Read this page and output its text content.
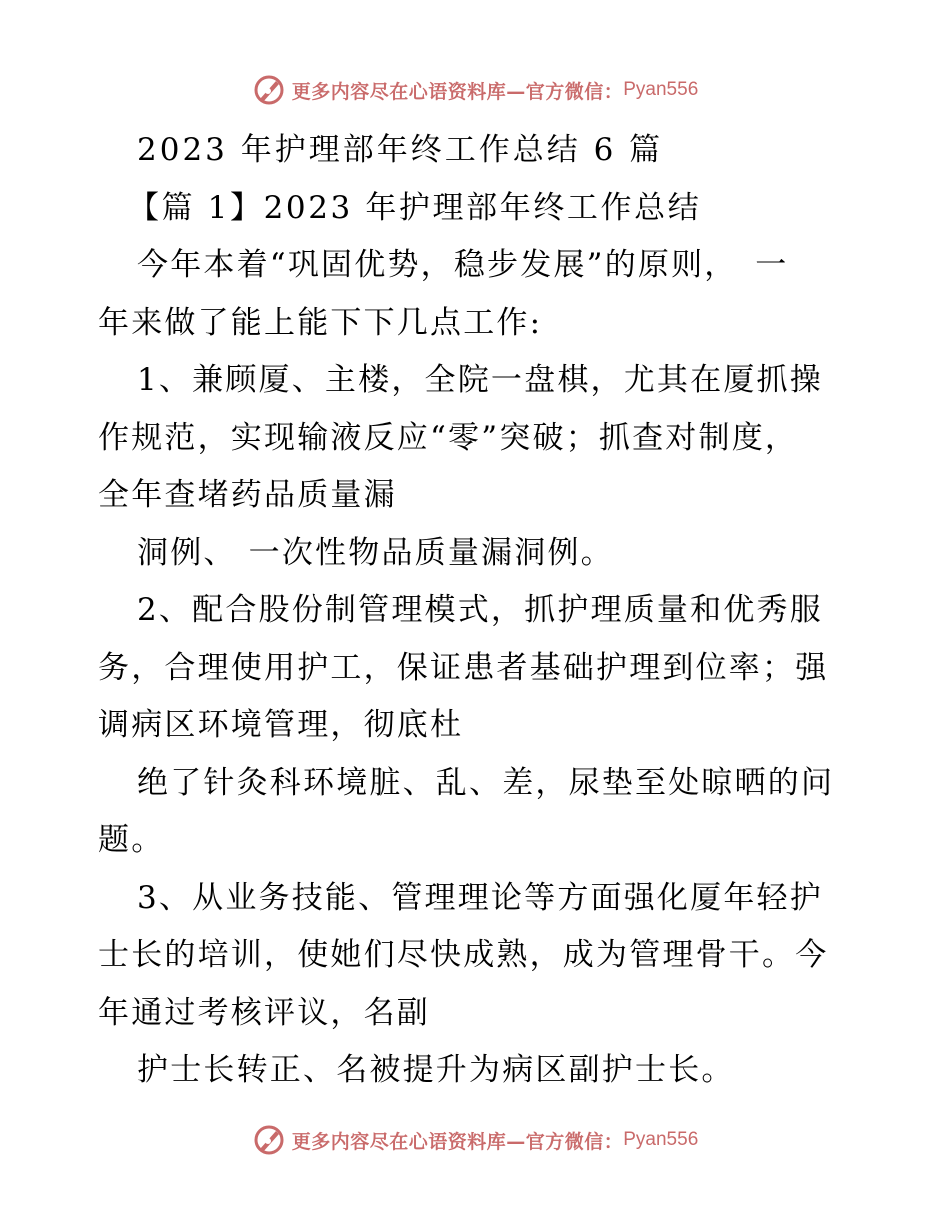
更多内容尽在心语资料库—官方微信： Pyan556
2023 年护理部年终工作总结 6 篇
【篇 1】2023 年护理部年终工作总结
今年本着“巩固优势，稳步发展”的原则，　一
年来做了能上能下下几点工作:
1、兼顾厦、主楼，全院一盘棋，尤其在厦抓操
作规范，实现输液反应“零”突破；抓查对制度，
全年查堵药品质量漏
洞例、 一次性物品质量漏洞例。
2、配合股份制管理模式，抓护理质量和优秀服
务，合理使用护工，保证患者基础护理到位率；强
调病区环境管理，彻底杜
绝了针灸科环境脏、乱、差，尿垫至处晾晒的问
题。
3、从业务技能、管理理论等方面强化厦年轻护
士长的培训，使她们尽快成熟，成为管理骨干。今
年通过考核评议，名副
护士长转正、名被提升为病区副护士长。
更多内容尽在心语资料库—官方微信： Pyan556
